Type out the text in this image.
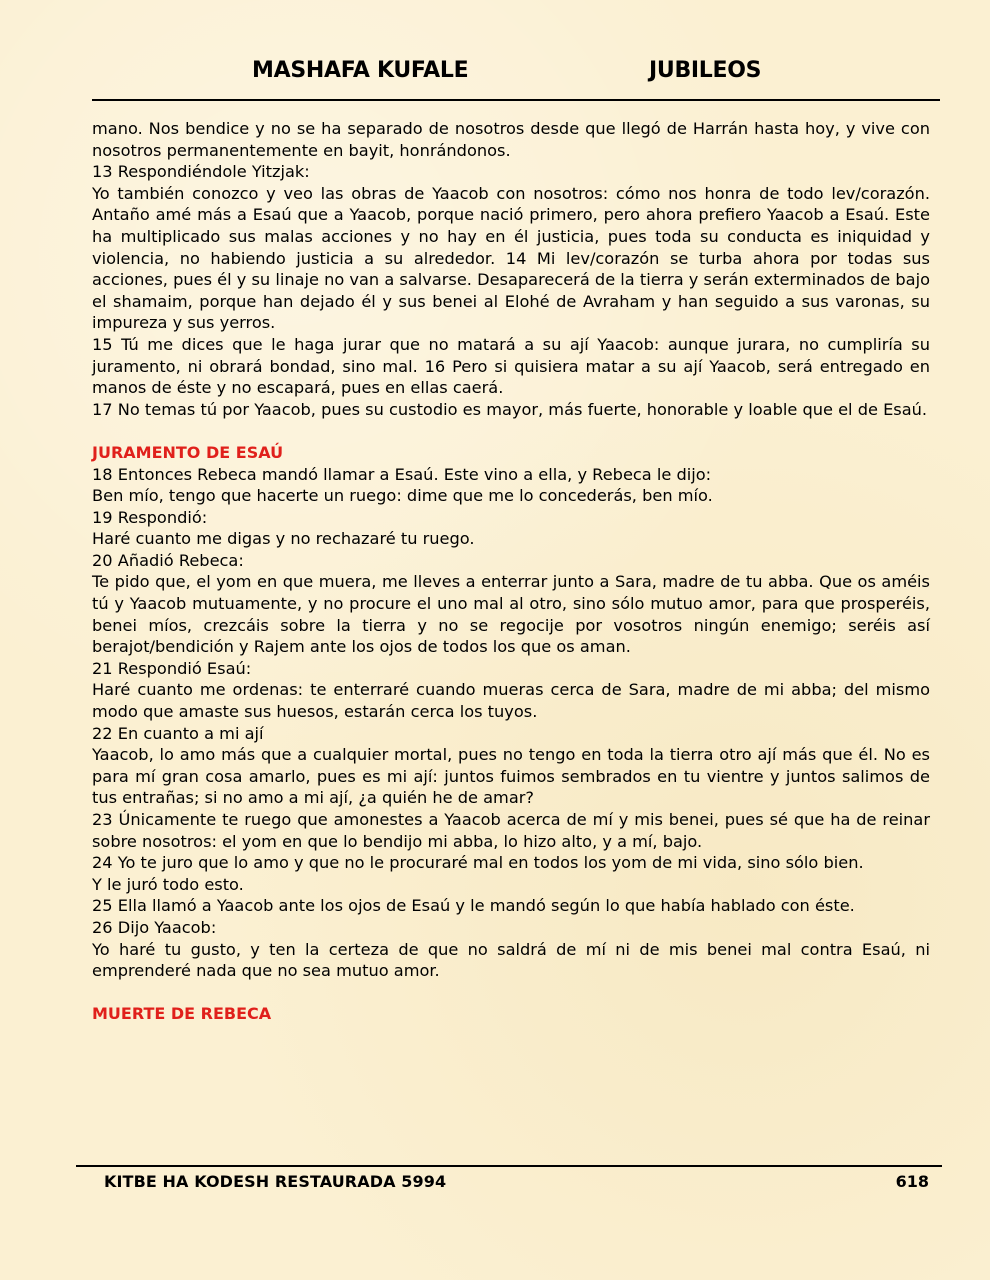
MASHAFA KUFALE	JUBILEOS

mano. Nos bendice y no se ha separado de nosotros desde que llegó de Harrán hasta hoy, y vive con nosotros permanentemente en bayit, honrándonos.

13 Respondiéndole Yitzjak:

Yo también conozco y veo las obras de Yaacob con nosotros: cómo nos honra de todo lev/corazón. Antaño amé más a Esaú que a Yaacob, porque nació primero, pero ahora prefiero Yaacob a Esaú. Este ha multiplicado sus malas acciones y no hay en él justicia, pues toda su conducta es iniquidad y violencia, no habiendo justicia a su alrededor. 14 Mi lev/corazón se turba ahora por todas sus acciones, pues él y su linaje no van a salvarse. Desaparecerá de la tierra y serán exterminados de bajo el shamaim, porque han dejado él y sus benei al Elohé de Avraham y han seguido a sus varonas, su impureza y sus yerros.

15 Tú me dices que le haga jurar que no matará a su ají Yaacob: aunque jurara, no cumpliría su juramento, ni obrará bondad, sino mal. 16 Pero si quisiera matar a su ají Yaacob, será entregado en manos de éste y no escapará, pues en ellas caerá.

17 No temas tú por Yaacob, pues su custodio es mayor, más fuerte, honorable y loable que el de Esaú.

JURAMENTO DE ESAÚ

18 Entonces Rebeca mandó llamar a Esaú. Este vino a ella, y Rebeca le dijo:

Ben mío, tengo que hacerte un ruego: dime que me lo concederás, ben mío.

19 Respondió:

Haré cuanto me digas y no rechazaré tu ruego.

20 Añadió Rebeca:

Te pido que, el yom en que muera, me lleves a enterrar junto a Sara, madre de tu abba. Que os améis tú y Yaacob mutuamente, y no procure el uno mal al otro, sino sólo mutuo amor, para que prosperéis, benei míos, crezcáis sobre la tierra y no se regocije por vosotros ningún enemigo; seréis así berajot/bendición y Rajem ante los ojos de todos los que os aman.

21 Respondió Esaú:

Haré cuanto me ordenas: te enterraré cuando mueras cerca de Sara, madre de mi abba; del mismo modo que amaste sus huesos, estarán cerca los tuyos.

22 En cuanto a mi ají

Yaacob, lo amo más que a cualquier mortal, pues no tengo en toda la tierra otro ají más que él. No es para mí gran cosa amarlo, pues es mi ají: juntos fuimos sembrados en tu vientre y juntos salimos de tus entrañas; si no amo a mi ají, ¿a quién he de amar?

23 Únicamente te ruego que amonestes a Yaacob acerca de mí y mis benei, pues sé que ha de reinar sobre nosotros: el yom en que lo bendijo mi abba, lo hizo alto, y a mí, bajo.

24 Yo te juro que lo amo y que no le procuraré mal en todos los yom de mi vida, sino sólo bien.

Y le juró todo esto.

25 Ella llamó a Yaacob ante los ojos de Esaú y le mandó según lo que había hablado con éste.

26 Dijo Yaacob:

Yo haré tu gusto, y ten la certeza de que no saldrá de mí ni de mis benei mal contra Esaú, ni emprenderé nada que no sea mutuo amor.

MUERTE DE REBECA

KITBE HA KODESH RESTAURADA 5994	618
